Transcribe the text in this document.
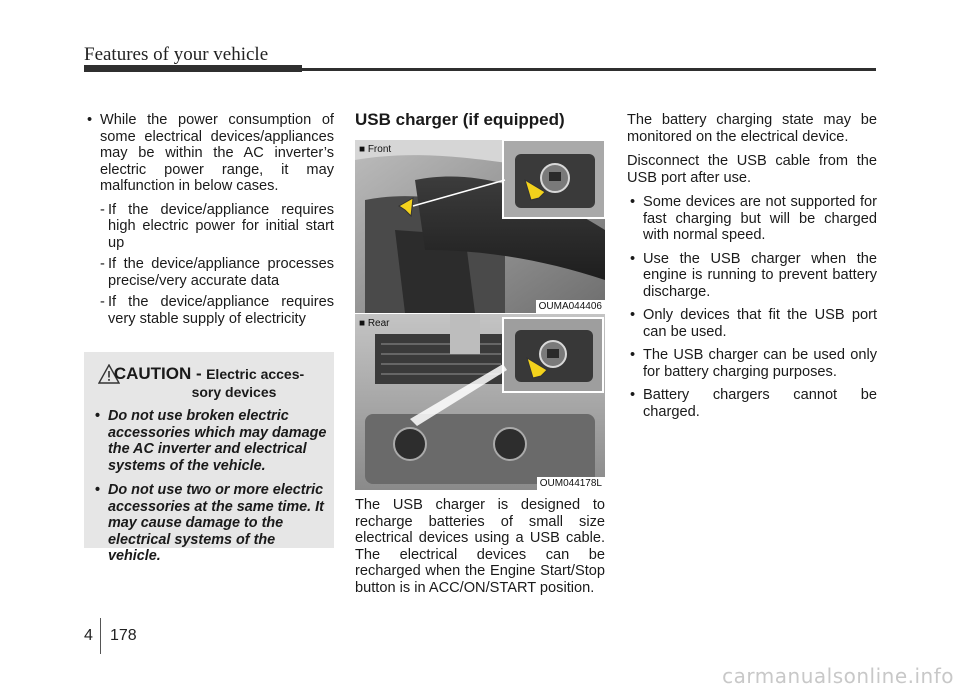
Features of your vehicle

• While the power consumption of some electrical devices/appliances may be within the AC inverter’s electric power range, it may malfunction in below cases.

- If the device/appliance requires high electric power for initial start up

- If the device/appliance processes precise/very accurate data

- If the device/appliance requires very stable supply of electricity

CAUTION - Electric acces-
sory devices

• Do not use broken electric accessories which may damage the AC inverter and electrical systems of the vehicle.

• Do not use two or more electric accessories at the same time. It may cause damage to the electrical systems of the vehicle.

USB charger (if equipped)
■ Front
OUMA044406
■ Rear
OUM044178L

The USB charger is designed to recharge batteries of small size electrical devices using a USB cable. The electrical devices can be recharged when the Engine Start/Stop button is in ACC/ON/START position.

The battery charging state may be monitored on the electrical device.

Disconnect the USB cable from the USB port after use.

• Some devices are not supported for fast charging but will be charged with normal speed.

• Use the USB charger when the engine is running to prevent battery discharge.

• Only devices that fit the USB port can be used.

• The USB charger can be used only for battery charging purposes.

• Battery chargers cannot be charged.

4 178
carmanualsonline.info
